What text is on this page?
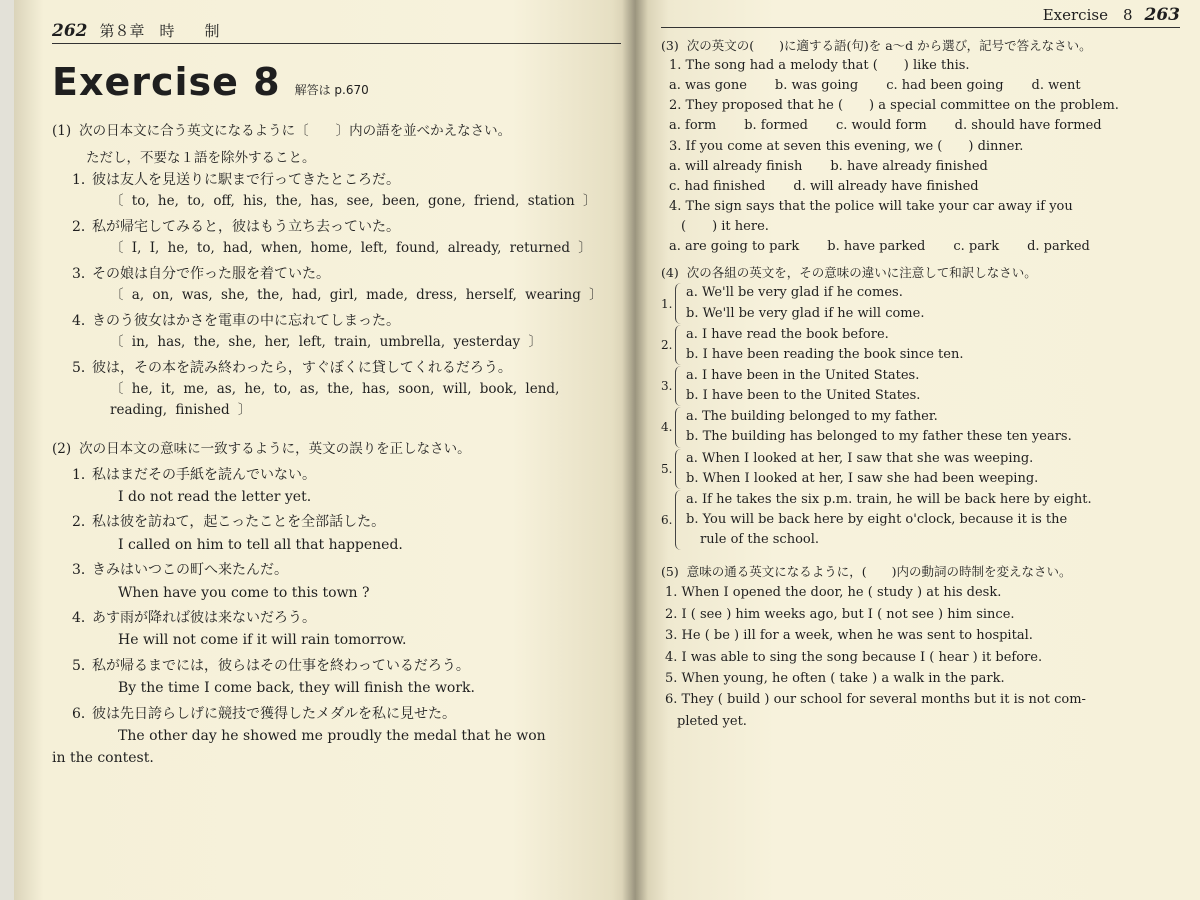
262 第８章　時　　制
Exercise 8 解答は p.670
(1) 次の日本文に合う英文になるように〔　　〕内の語を並べかえなさい。
ただし，不要な１語を除外すること。
1．彼は友人を見送りに駅まで行ってきたところだ。
〔 to, he, to, off, his, the, has, see, been, gone, friend, station 〕
2．私が帰宅してみると，彼はもう立ち去っていた。
〔 I, I, he, to, had, when, home, left, found, already, returned 〕
3．その娘は自分で作った服を着ていた。
〔 a, on, was, she, the, had, girl, made, dress, herself, wearing 〕
4．きのう彼女はかさを電車の中に忘れてしまった。
〔 in, has, the, she, her, left, train, umbrella, yesterday 〕
5．彼は，その本を読み終わったら，すぐぼくに貸してくれるだろう。
〔 he, it, me, as, he, to, as, the, has, soon, will, book, lend, reading, finished 〕
(2) 次の日本文の意味に一致するように，英文の誤りを正しなさい。
1．私はまだその手紙を読んでいない。
I do not read the letter yet.
2．私は彼を訪ねて，起こったことを全部話した。
I called on him to tell all that happened.
3．きみはいつこの町へ来たんだ。
When have you come to this town ?
4．あす雨が降れば彼は来ないだろう。
He will not come if it will rain tomorrow.
5．私が帰るまでには，彼らはその仕事を終わっているだろう。
By the time I come back, they will finish the work.
6．彼は先日誇らしげに競技で獲得したメダルを私に見せた。
The other day he showed me proudly the medal that he won
in the contest.
Exercise　8 263
(3) 次の英文の(　　)に適する語(句)を a～d から選び，記号で答えなさい。
1. The song had a melody that (　　) like this.
a. was gone b. was going c. had been going d. went
2. They proposed that he (　　) a special committee on the problem.
a. form b. formed c. would form d. should have formed
3. If you come at seven this evening, we (　　) dinner.
a. will already finish b. have already finished
c. had finished d. will already have finished
4. The sign says that the police will take your car away if you
(　　) it here.
a. are going to park b. have parked c. park d. parked
(4) 次の各組の英文を，その意味の違いに注意して和訳しなさい。
1.
a. We'll be very glad if he comes.
b. We'll be very glad if he will come.
2.
a. I have read the book before.
b. I have been reading the book since ten.
3.
a. I have been in the United States.
b. I have been to the United States.
4.
a. The building belonged to my father.
b. The building has belonged to my father these ten years.
5.
a. When I looked at her, I saw that she was weeping.
b. When I looked at her, I saw she had been weeping.
6.
a. If he takes the six p.m. train, he will be back here by eight.
b. You will be back here by eight o'clock, because it is the
rule of the school.
(5) 意味の通る英文になるように，(　　)内の動詞の時制を変えなさい。
1. When I opened the door, he ( study ) at his desk.
2. I ( see ) him weeks ago, but I ( not see ) him since.
3. He ( be ) ill for a week, when he was sent to hospital.
4. I was able to sing the song because I ( hear ) it before.
5. When young, he often ( take ) a walk in the park.
6. They ( build ) our school for several months but it is not com-
pleted yet.
